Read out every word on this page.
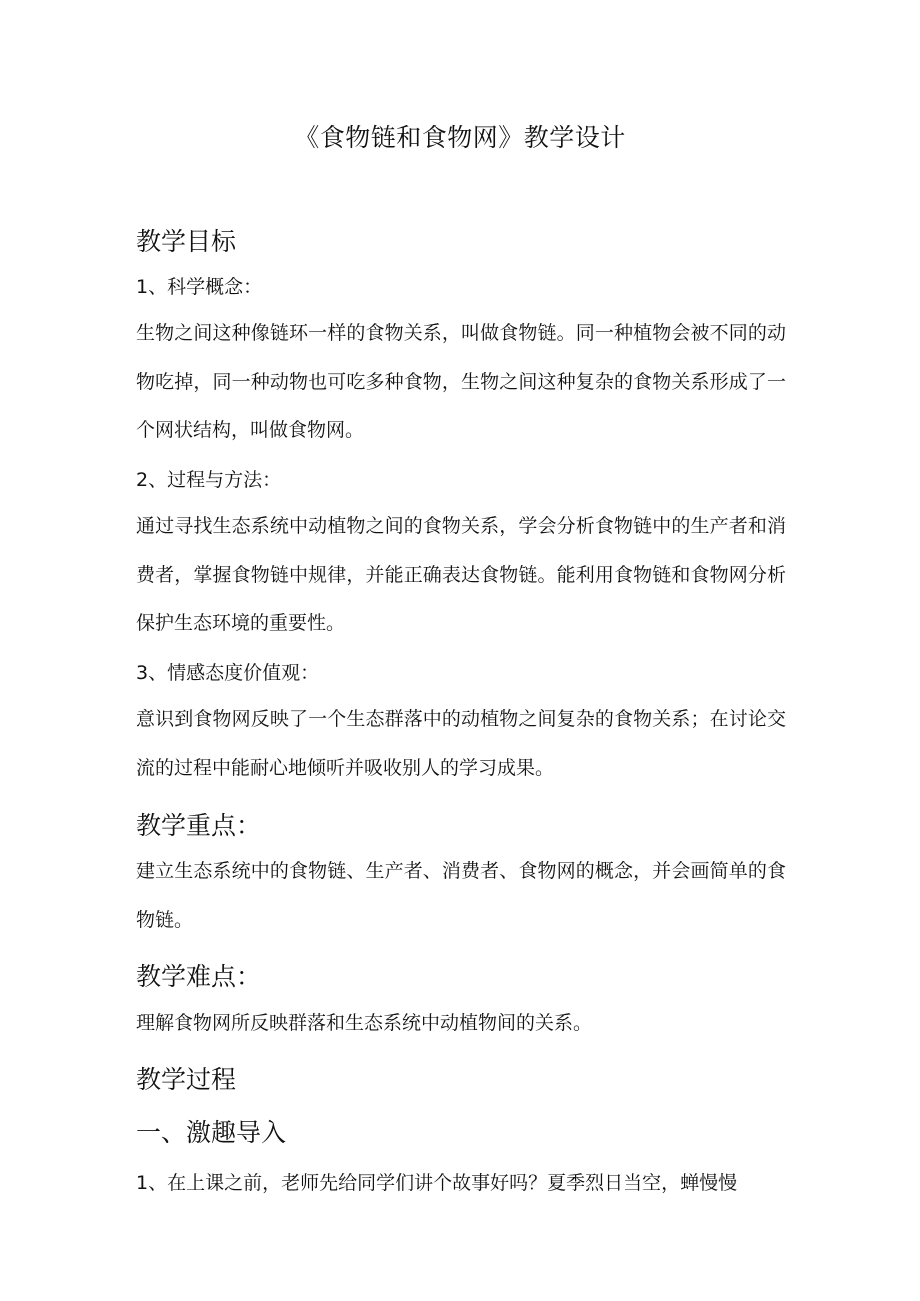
《食物链和食物网》教学设计
教学目标
1、科学概念：

生物之间这种像链环一样的食物关系，叫做食物链。同一种植物会被不同的动物吃掉，同一种动物也可吃多种食物，生物之间这种复杂的食物关系形成了一个网状结构，叫做食物网。

2、过程与方法：

通过寻找生态系统中动植物之间的食物关系，学会分析食物链中的生产者和消费者，掌握食物链中规律，并能正确表达食物链。能利用食物链和食物网分析保护生态环境的重要性。

3、情感态度价值观：

意识到食物网反映了一个生态群落中的动植物之间复杂的食物关系；在讨论交流的过程中能耐心地倾听并吸收别人的学习成果。

教学重点：

建立生态系统中的食物链、生产者、消费者、食物网的概念，并会画简单的食物链。

教学难点：

理解食物网所反映群落和生态系统中动植物间的关系。

教学过程
一、激趣导入

1、在上课之前，老师先给同学们讲个故事好吗？夏季烈日当空，蝉慢慢
